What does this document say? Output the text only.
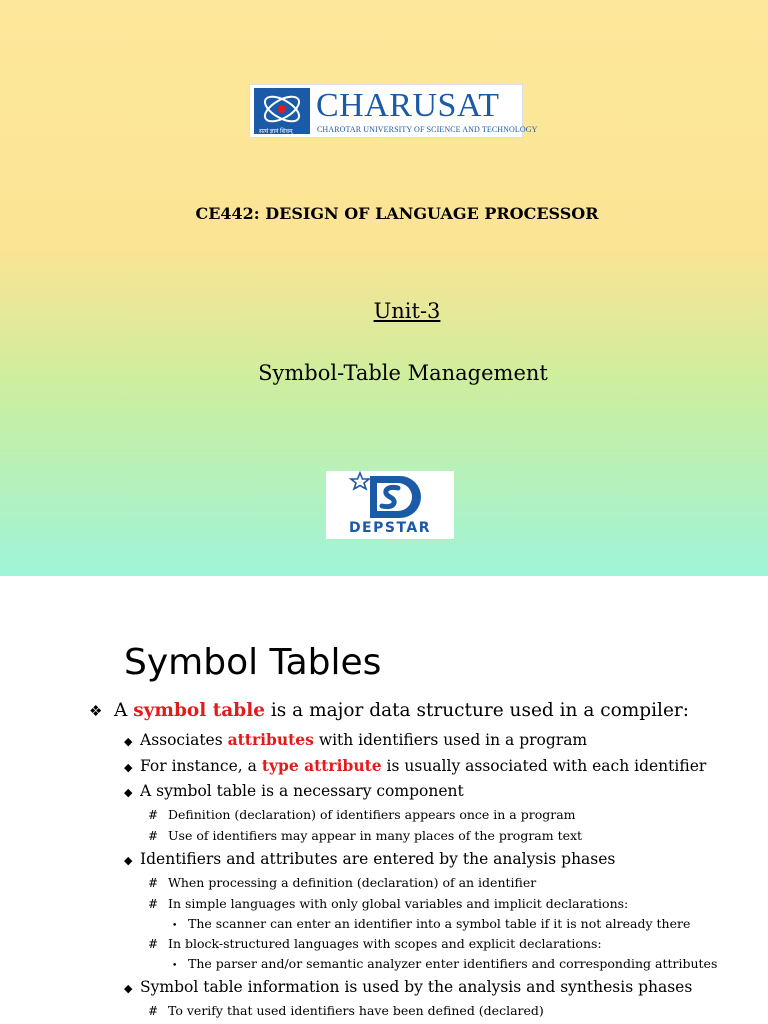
सत्यं ज्ञानं शिवम्
CHARUSAT
CHAROTAR UNIVERSITY OF SCIENCE AND TECHNOLOGY
CE442: DESIGN OF LANGUAGE PROCESSOR
Unit-3
Symbol-Table Management
DEPSTAR
Symbol Tables
❖ A symbol table is a major data structure used in a compiler:
◆ Associates attributes with identifiers used in a program
◆ For instance, a type attribute is usually associated with each identifier
◆ A symbol table is a necessary component
# Definition (declaration) of identifiers appears once in a program
# Use of identifiers may appear in many places of the program text
◆ Identifiers and attributes are entered by the analysis phases
# When processing a definition (declaration) of an identifier
# In simple languages with only global variables and implicit declarations:
• The scanner can enter an identifier into a symbol table if it is not already there
# In block-structured languages with scopes and explicit declarations:
• The parser and/or semantic analyzer enter identifiers and corresponding attributes
◆ Symbol table information is used by the analysis and synthesis phases
# To verify that used identifiers have been defined (declared)
